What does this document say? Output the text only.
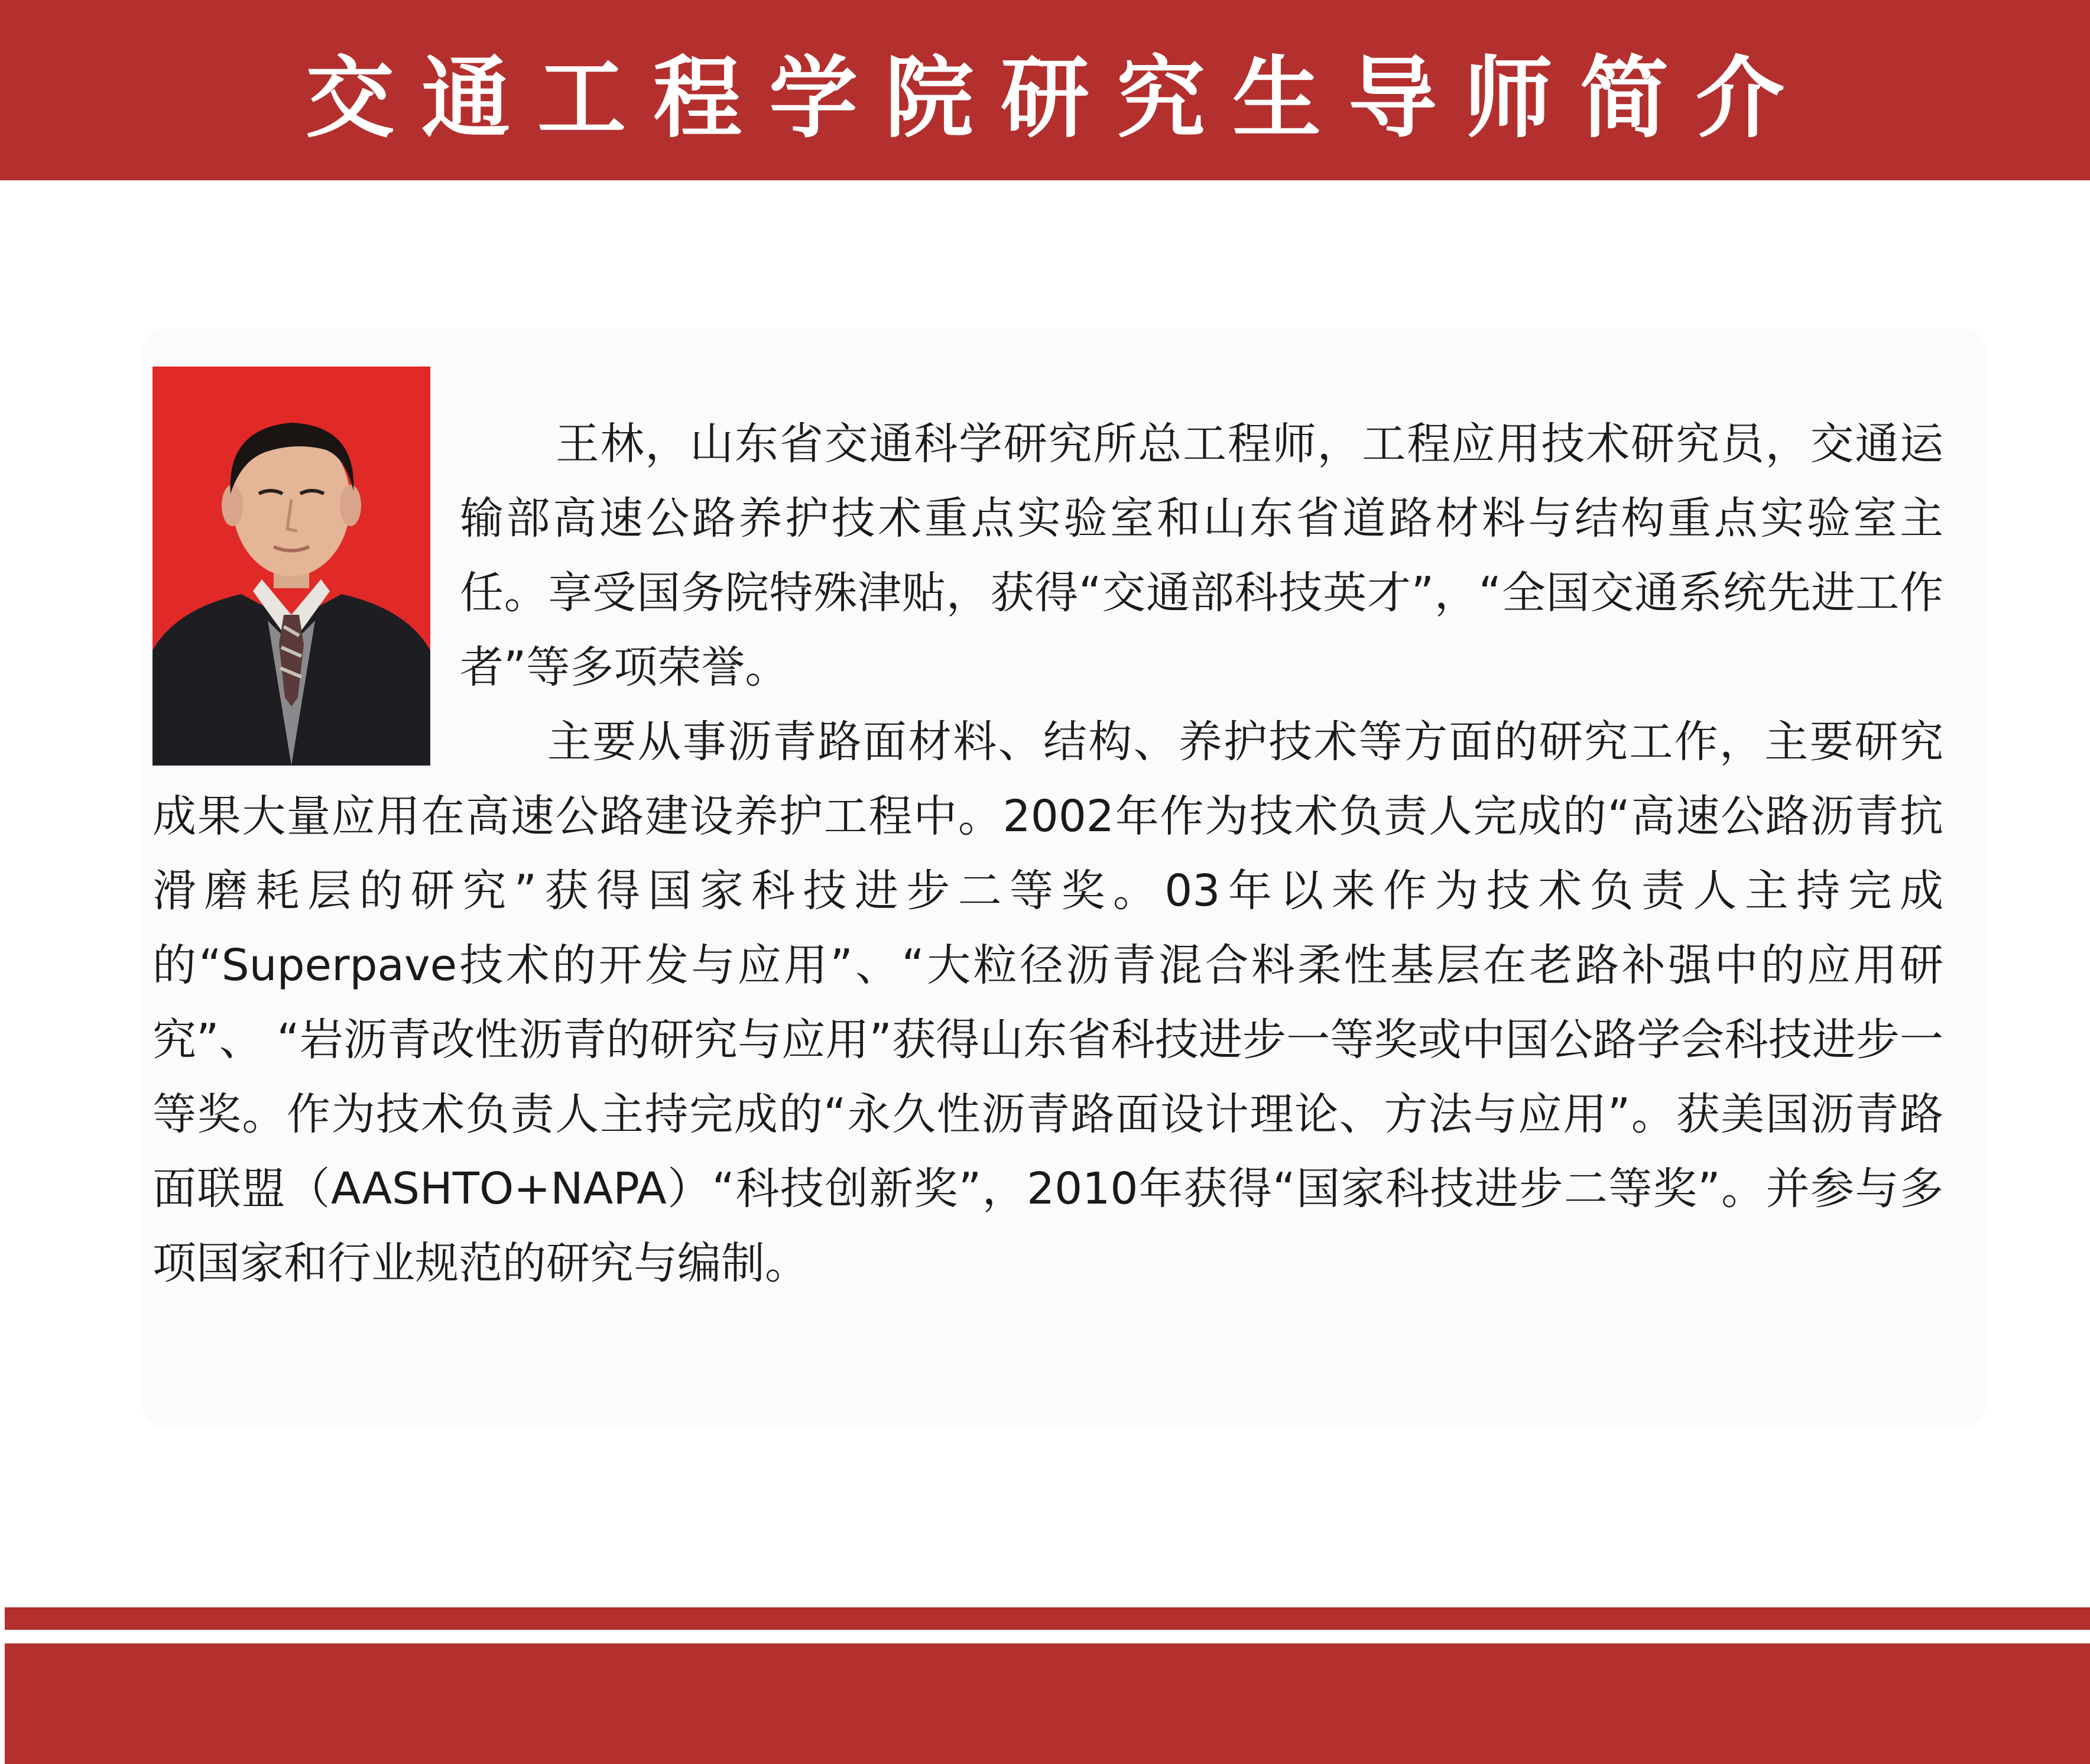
交通工程学院研究生导师简介

王林，山东省交通科学研究所总工程师，工程应用技术研究员，交通运输部高速公路养护技术重点实验室和山东省道路材料与结构重点实验室主任。享受国务院特殊津贴，获得“交通部科技英才”，“全国交通系统先进工作者”等多项荣誉。

主要从事沥青路面材料、结构、养护技术等方面的研究工作，主要研究成果大量应用在高速公路建设养护工程中。2002年作为技术负责人完成的“高速公路沥青抗滑磨耗层的研究”获得国家科技进步二等奖。03年以来作为技术负责人主持完成的“Superpave技术的开发与应用”、“大粒径沥青混合料柔性基层在老路补强中的应用研究”、 “岩沥青改性沥青的研究与应用”获得山东省科技进步一等奖或中国公路学会科技进步一等奖。作为技术负责人主持完成的“永久性沥青路面设计理论、方法与应用”。获美国沥青路面联盟（AASHTO+NAPA）“科技创新奖”，2010年获得“国家科技进步二等奖”。并参与多项国家和行业规范的研究与编制。
